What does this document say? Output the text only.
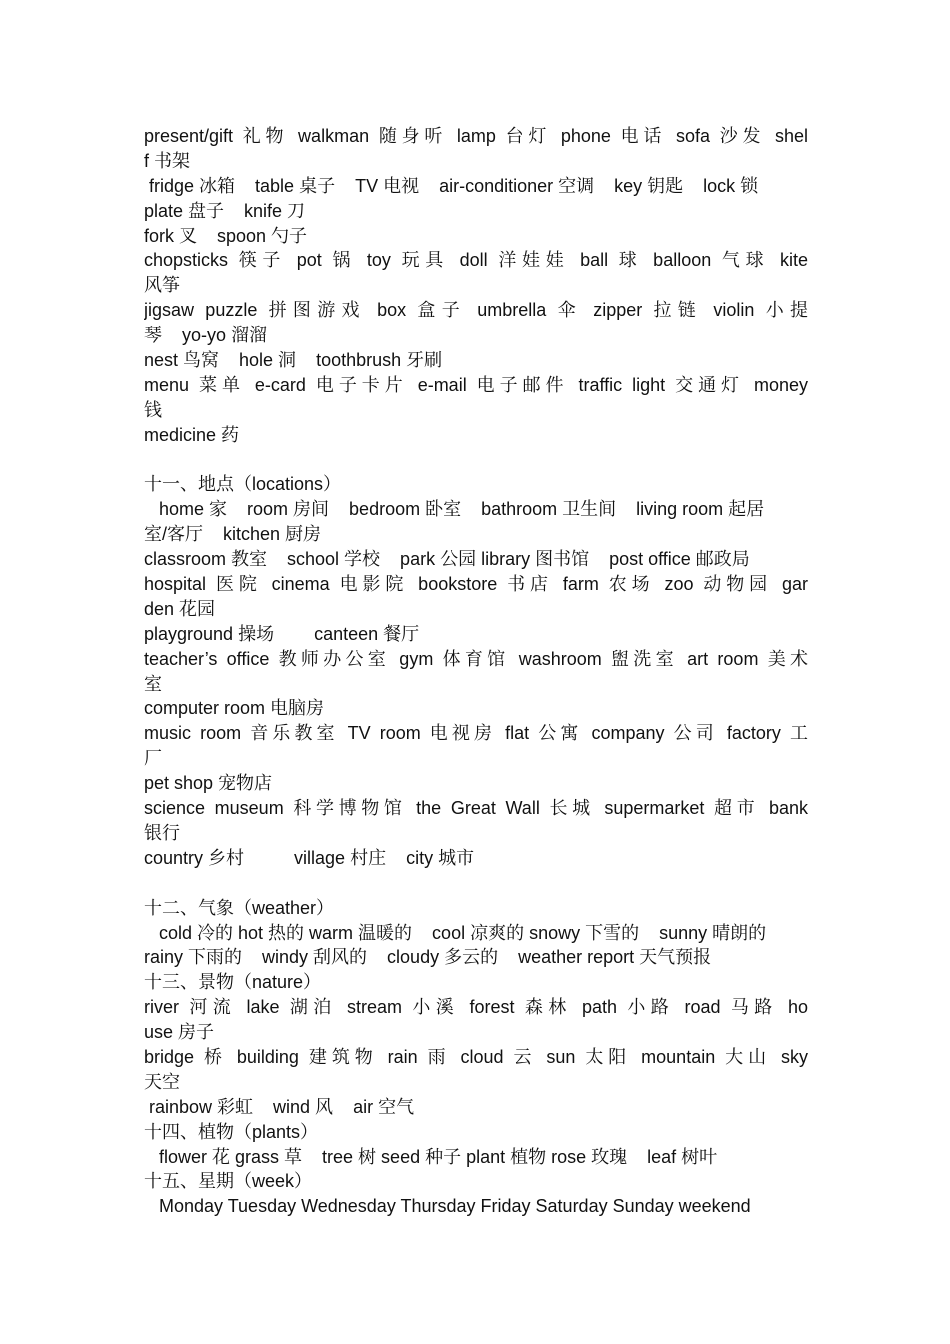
present/gift 礼物 walkman 随身听 lamp 台灯 phone 电话 sofa 沙发 shel
f 书架
fridge 冰箱    table 桌子    TV 电视    air-conditioner 空调    key 钥匙    lock 锁
plate 盘子    knife 刀
fork 叉    spoon 勺子
chopsticks 筷子 pot 锅 toy 玩具 doll 洋娃娃 ball 球 balloon 气球 kite
风筝
jigsaw puzzle 拼图游戏 box 盒子 umbrella 伞 zipper 拉链 violin 小提
琴    yo-yo 溜溜
nest 鸟窝    hole 洞    toothbrush 牙刷
menu 菜单 e-card 电子卡片 e-mail 电子邮件 traffic light 交通灯 money
钱
medicine 药
十一、地点（locations）
home 家    room 房间    bedroom 卧室    bathroom 卫生间    living room 起居
室/客厅    kitchen 厨房
classroom 教室    school 学校    park 公园 library 图书馆    post office 邮政局
hospital 医院 cinema 电影院 bookstore 书店 farm 农场 zoo 动物园 gar
den 花园
playground 操场        canteen 餐厅
teacher’s office 教师办公室 gym 体育馆 washroom 盥洗室 art room 美术
室
computer room 电脑房
music room 音乐教室 TV room 电视房 flat 公寓 company 公司 factory 工
厂
pet shop 宠物店
science museum 科学博物馆 the Great Wall 长城 supermarket 超市 bank
银行
country 乡村          village 村庄    city 城市
十二、气象（weather）
cold 冷的 hot 热的 warm 温暖的    cool 凉爽的 snowy 下雪的    sunny 晴朗的
rainy 下雨的    windy 刮风的    cloudy 多云的    weather report 天气预报
十三、景物（nature）
river 河流 lake 湖泊 stream 小溪 forest 森林 path 小路 road 马路 ho
use 房子
bridge 桥 building 建筑物 rain 雨 cloud 云 sun 太阳 mountain 大山 sky
天空
rainbow 彩虹    wind 风    air 空气
十四、植物（plants）
flower 花 grass 草    tree 树 seed 种子 plant 植物 rose 玫瑰    leaf 树叶
十五、星期（week）
Monday Tuesday Wednesday Thursday Friday Saturday Sunday weekend
